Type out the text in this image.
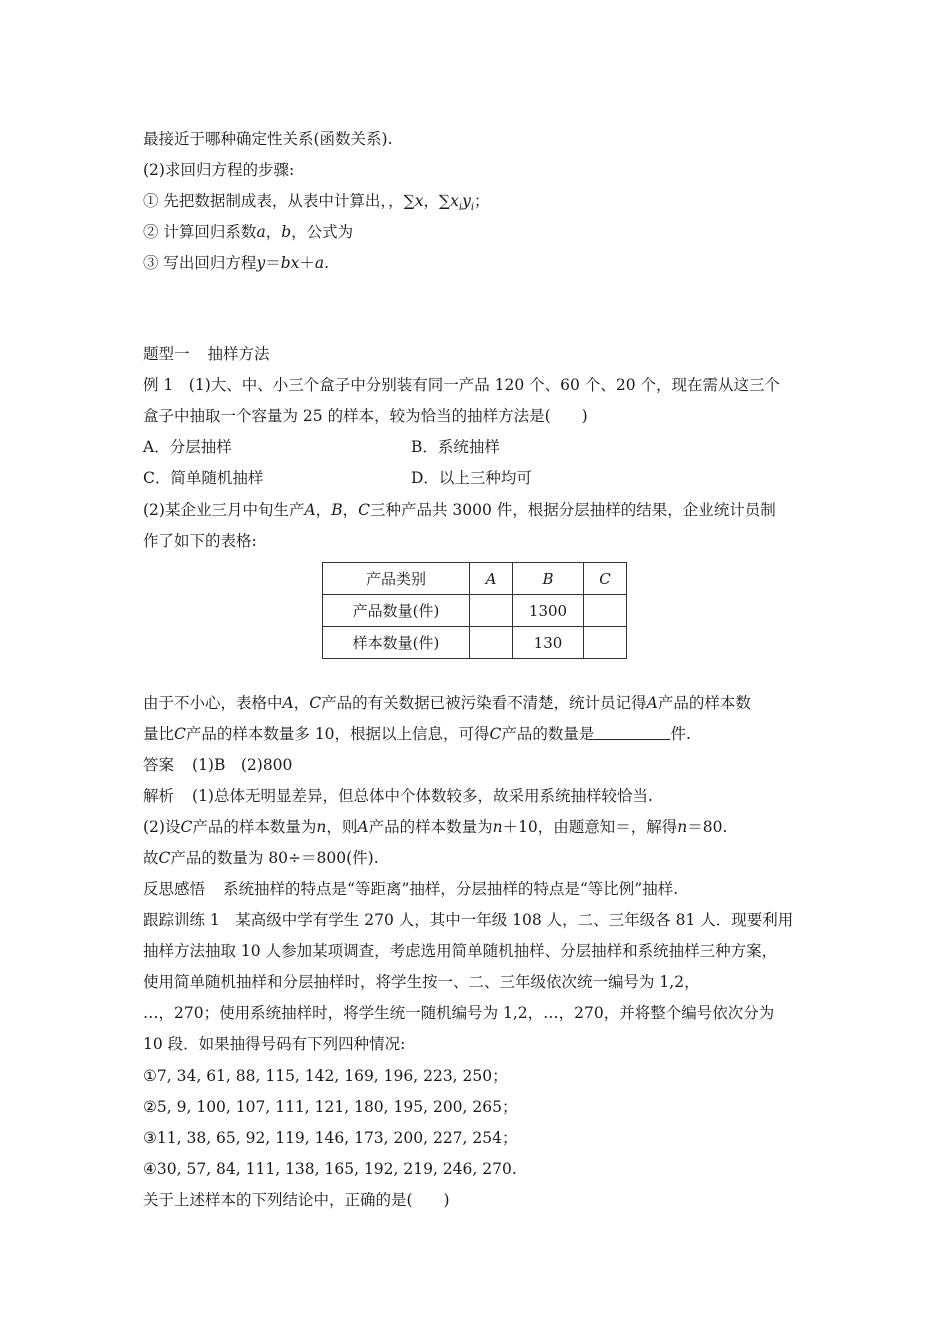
最接近于哪种确定性关系(函数关系).
(2)求回归方程的步骤:
① 先把数据制成表，从表中计算出，，∑x，$\sum x_iy_i$；
② 计算回归系数a，b，公式为
③ 写出回归方程y＝bx＋a.
题型一 抽样方法
例 1　(1)大、中、小三个盒子中分别装有同一产品 120 个、60 个、20 个，现在需从这三个
盒子中抽取一个容量为 25 的样本，较为恰当的抽样方法是(　　)
A．分层抽样	B．系统抽样
C．简单随机抽样	D．以上三种均可
(2)某企业三月中旬生产A，B，C三种产品共 3000 件，根据分层抽样的结果，企业统计员制
作了如下的表格:
产品类别	A	B	C
产品数量(件)		1300	
样本数量(件)		130	
由于不小心，表格中A，C产品的有关数据已被污染看不清楚，统计员记得A产品的样本数
量比C产品的样本数量多 10，根据以上信息，可得C产品的数量是	件.
答案 (1)B　(2)800
解析 (1)总体无明显差异，但总体中个体数较多，故采用系统抽样较恰当.
(2)设C产品的样本数量为n，则A产品的样本数量为n＋10，由题意知＝，解得n＝80.
故C产品的数量为 80÷＝800(件).
反思感悟 系统抽样的特点是“等距离”抽样，分层抽样的特点是“等比例”抽样.
跟踪训练 1　某高级中学有学生 270 人，其中一年级 108 人，二、三年级各 81 人．现要利用
抽样方法抽取 10 人参加某项调查，考虑选用简单随机抽样、分层抽样和系统抽样三种方案，
使用简单随机抽样和分层抽样时，将学生按一、二、三年级依次统一编号为 1,2，
…，270；使用系统抽样时，将学生统一随机编号为 1,2，…，270，并将整个编号依次分为
10 段．如果抽得号码有下列四种情况:
①7, 34, 61, 88, 115, 142, 169, 196, 223, 250；
②5, 9, 100, 107, 111, 121, 180, 195, 200, 265；
③11, 38, 65, 92, 119, 146, 173, 200, 227, 254；
④30, 57, 84, 111, 138, 165, 192, 219, 246, 270.
关于上述样本的下列结论中，正确的是(　　)
